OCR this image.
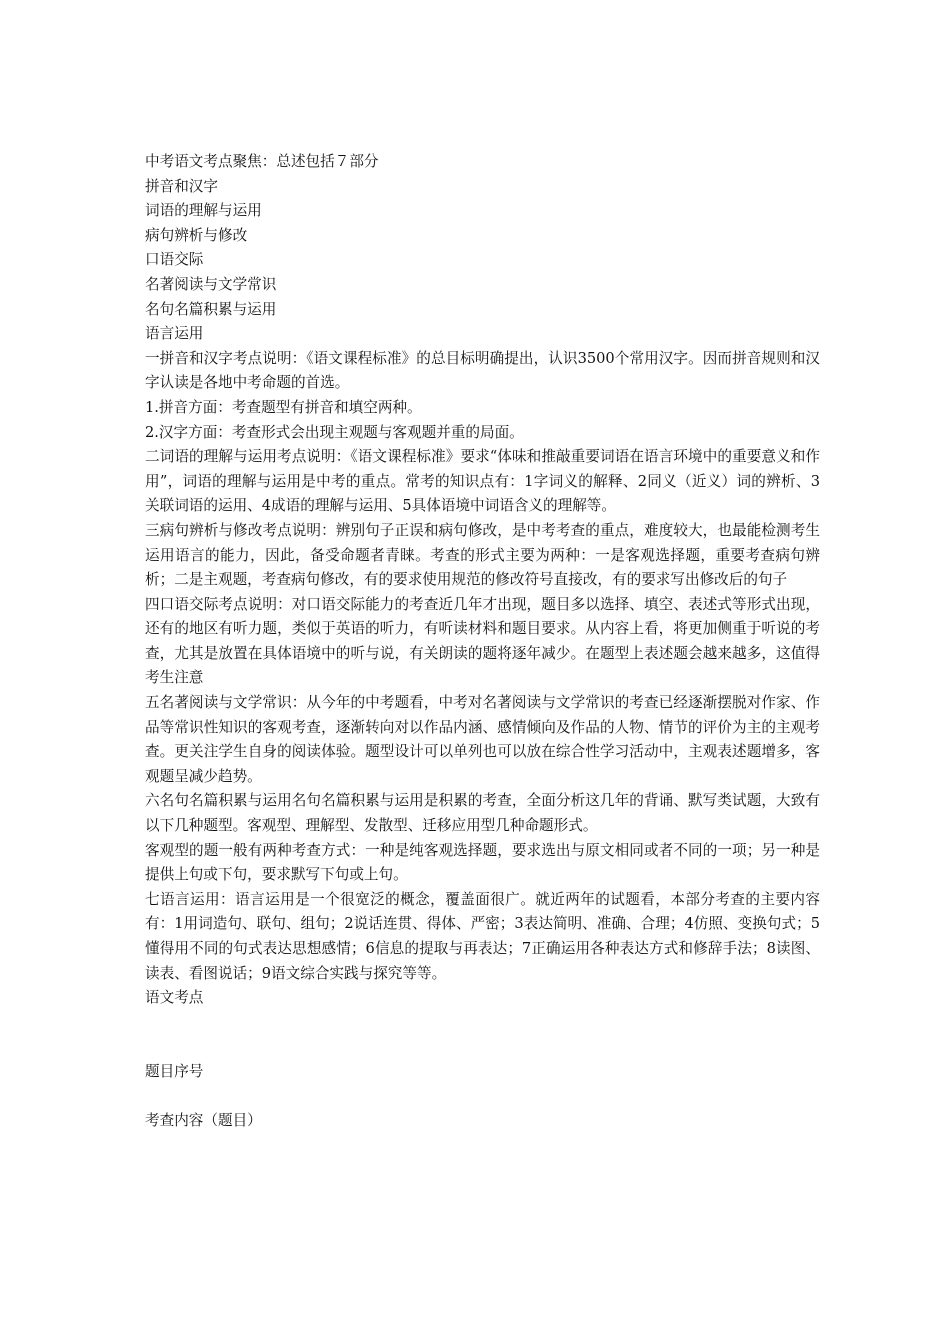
中考语文考点聚焦：总述包括７部分

拼音和汉字

词语的理解与运用

病句辨析与修改

口语交际

名著阅读与文学常识

名句名篇积累与运用

语言运用

一拼音和汉字考点说明：《语文课程标准》的总目标明确提出，认识3500个常用汉字。因而拼音规则和汉字认读是各地中考命题的首选。

1.拼音方面：考查题型有拼音和填空两种。

2.汉字方面：考查形式会出现主观题与客观题并重的局面。

二词语的理解与运用考点说明：《语文课程标准》要求“体味和推敲重要词语在语言环境中的重要意义和作用”，词语的理解与运用是中考的重点。常考的知识点有：1字词义的解释、2同义（近义）词的辨析、3关联词语的运用、4成语的理解与运用、5具体语境中词语含义的理解等。

三病句辨析与修改考点说明：辨别句子正误和病句修改，是中考考查的重点，难度较大，也最能检测考生运用语言的能力，因此，备受命题者青睐。考查的形式主要为两种：一是客观选择题，重要考查病句辨析；二是主观题，考查病句修改，有的要求使用规范的修改符号直接改，有的要求写出修改后的句子

四口语交际考点说明：对口语交际能力的考查近几年才出现，题目多以选择、填空、表述式等形式出现，还有的地区有听力题，类似于英语的听力，有听读材料和题目要求。从内容上看，将更加侧重于听说的考查，尤其是放置在具体语境中的听与说，有关朗读的题将逐年减少。在题型上表述题会越来越多，这值得考生注意

五名著阅读与文学常识：从今年的中考题看，中考对名著阅读与文学常识的考查已经逐渐摆脱对作家、作品等常识性知识的客观考查，逐渐转向对以作品内涵、感情倾向及作品的人物、情节的评价为主的主观考查。更关注学生自身的阅读体验。题型设计可以单列也可以放在综合性学习活动中，主观表述题增多，客观题呈减少趋势。

六名句名篇积累与运用名句名篇积累与运用是积累的考查，全面分析这几年的背诵、默写类试题，大致有以下几种题型。客观型、理解型、发散型、迁移应用型几种命题形式。

客观型的题一般有两种考查方式：一种是纯客观选择题，要求选出与原文相同或者不同的一项；另一种是提供上句或下句，要求默写下句或上句。

七语言运用：语言运用是一个很宽泛的概念，覆盖面很广。就近两年的试题看，本部分考查的主要内容有：1用词造句、联句、组句；2说话连贯、得体、严密；3表达简明、准确、合理；4仿照、变换句式；5懂得用不同的句式表达思想感情；6信息的提取与再表达；7正确运用各种表达方式和修辞手法；8读图、读表、看图说话；9语文综合实践与探究等等。

语文考点

题目序号

考查内容（题目）
